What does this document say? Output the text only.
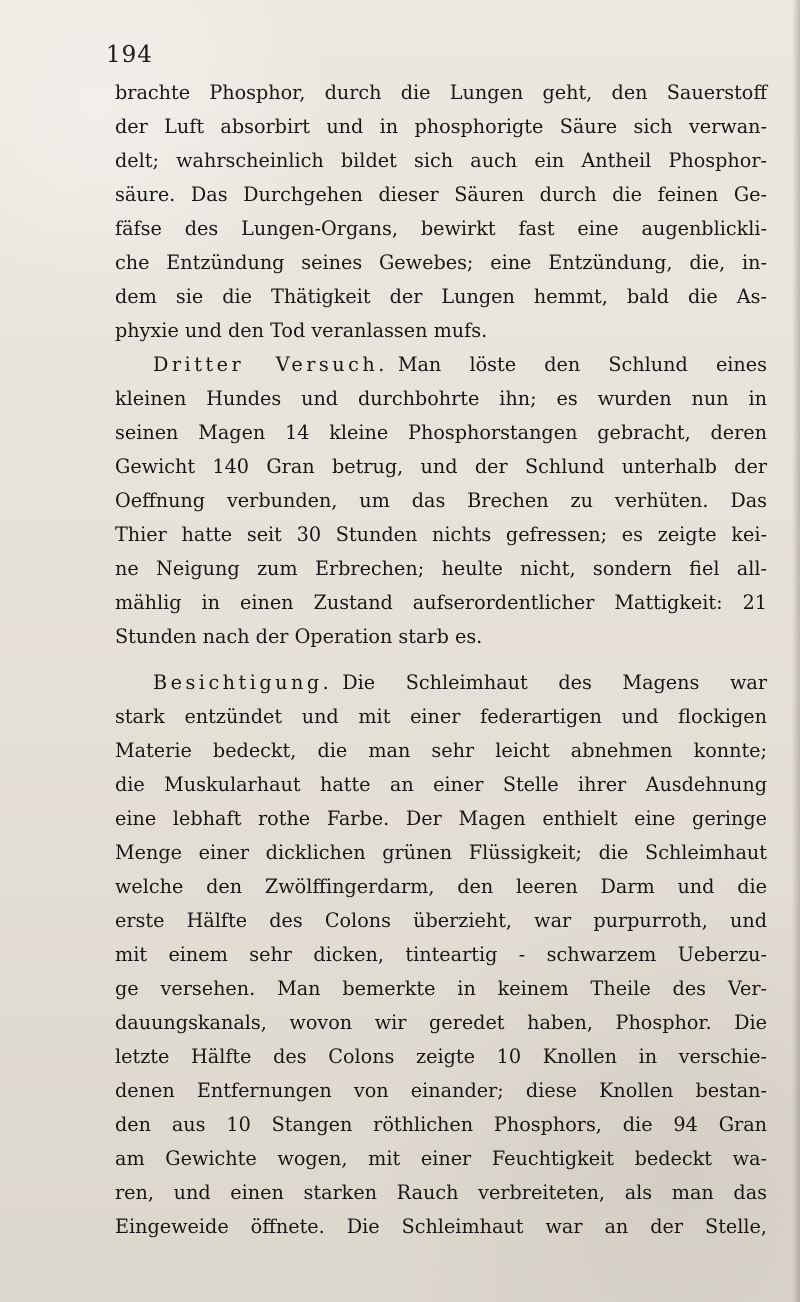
194
brachte Phosphor, durch die Lungen geht, den Sauerstoff
der Luft absorbirt und in phosphorigte Säure sich verwan-
delt; wahrscheinlich bildet sich auch ein Antheil Phosphor-
säure. Das Durchgehen dieser Säuren durch die feinen Ge-
fäfse des Lungen-Organs, bewirkt fast eine augenblickli-
che Entzündung seines Gewebes; eine Entzündung, die, in-
dem sie die Thätigkeit der Lungen hemmt, bald die As-
phyxie und den Tod veranlassen mufs.
Dritter Versuch. Man löste den Schlund eines
kleinen Hundes und durchbohrte ihn; es wurden nun in
seinen Magen 14 kleine Phosphorstangen gebracht, deren
Gewicht 140 Gran betrug, und der Schlund unterhalb der
Oeffnung verbunden, um das Brechen zu verhüten. Das
Thier hatte seit 30 Stunden nichts gefressen; es zeigte kei-
ne Neigung zum Erbrechen; heulte nicht, sondern fiel all-
mählig in einen Zustand aufserordentlicher Mattigkeit: 21
Stunden nach der Operation starb es.
Besichtigung. Die Schleimhaut des Magens war
stark entzündet und mit einer federartigen und flockigen
Materie bedeckt, die man sehr leicht abnehmen konnte;
die Muskularhaut hatte an einer Stelle ihrer Ausdehnung
eine lebhaft rothe Farbe. Der Magen enthielt eine geringe
Menge einer dicklichen grünen Flüssigkeit; die Schleimhaut
welche den Zwölffingerdarm, den leeren Darm und die
erste Hälfte des Colons überzieht, war purpurroth, und
mit einem sehr dicken, tinteartig - schwarzem Ueberzu-
ge versehen. Man bemerkte in keinem Theile des Ver-
dauungskanals, wovon wir geredet haben, Phosphor. Die
letzte Hälfte des Colons zeigte 10 Knollen in verschie-
denen Entfernungen von einander; diese Knollen bestan-
den aus 10 Stangen röthlichen Phosphors, die 94 Gran
am Gewichte wogen, mit einer Feuchtigkeit bedeckt wa-
ren, und einen starken Rauch verbreiteten, als man das
Eingeweide öffnete. Die Schleimhaut war an der Stelle,
